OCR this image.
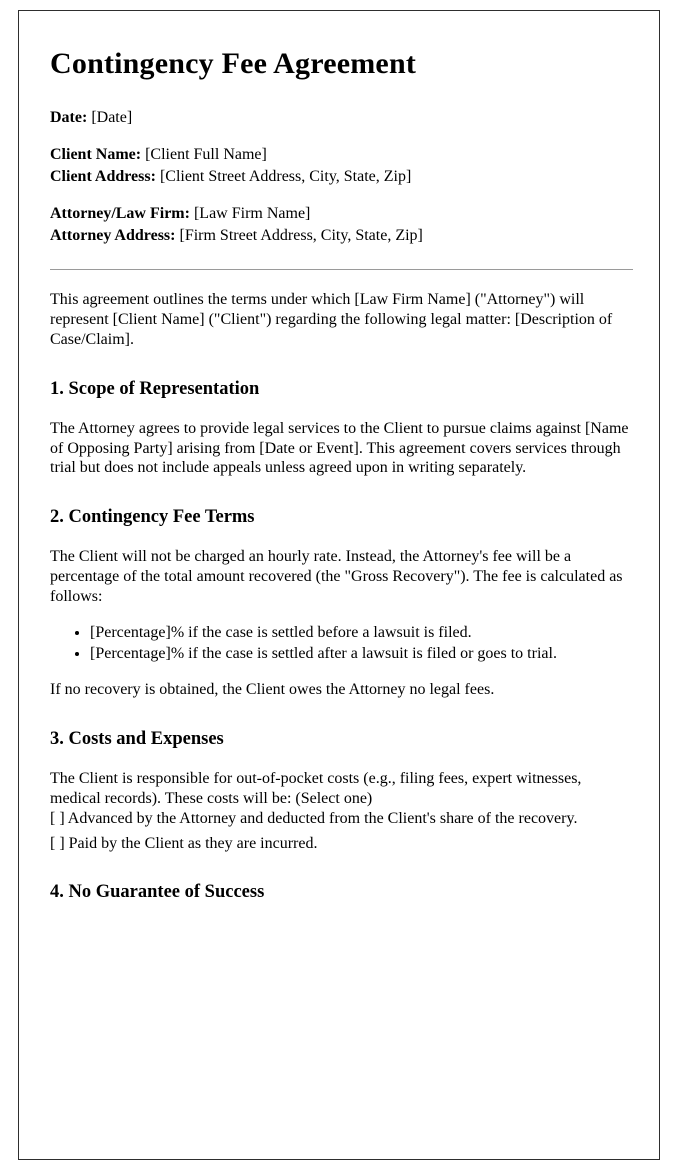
Contingency Fee Agreement

Date: [Date]

Client Name: [Client Full Name]

Client Address: [Client Street Address, City, State, Zip]

Attorney/Law Firm: [Law Firm Name]

Attorney Address: [Firm Street Address, City, State, Zip]

This agreement outlines the terms under which [Law Firm Name] ("Attorney") will represent [Client Name] ("Client") regarding the following legal matter: [Description of Case/Claim].

1. Scope of Representation

The Attorney agrees to provide legal services to the Client to pursue claims against [Name of Opposing Party] arising from [Date or Event]. This agreement covers services through trial but does not include appeals unless agreed upon in writing separately.

2. Contingency Fee Terms

The Client will not be charged an hourly rate. Instead, the Attorney's fee will be a percentage of the total amount recovered (the "Gross Recovery"). The fee is calculated as follows:

• [Percentage]% if the case is settled before a lawsuit is filed.
• [Percentage]% if the case is settled after a lawsuit is filed or goes to trial.

If no recovery is obtained, the Client owes the Attorney no legal fees.

3. Costs and Expenses

The Client is responsible for out-of-pocket costs (e.g., filing fees, expert witnesses, medical records). These costs will be: (Select one)
[ ] Advanced by the Attorney and deducted from the Client's share of the recovery.

[ ] Paid by the Client as they are incurred.

4. No Guarantee of Success
